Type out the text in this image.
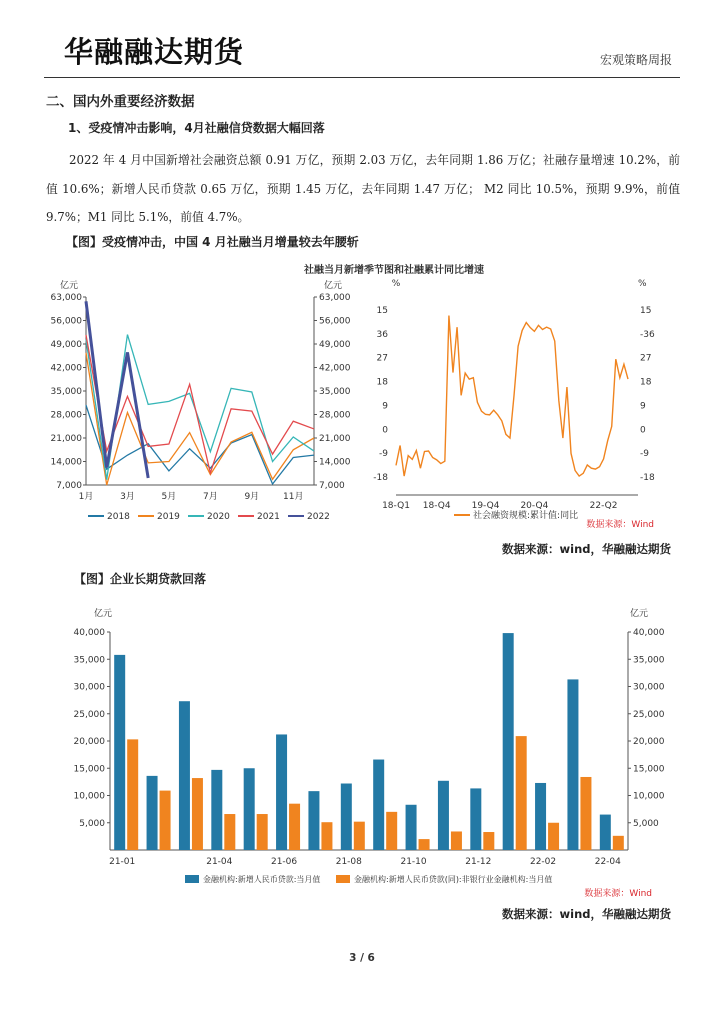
华融融达期货	宏观策略周报
二、国内外重要经济数据
1、受疫情冲击影响，4月社融信贷数据大幅回落
2022 年 4 月中国新增社会融资总额 0.91 万亿，预期 2.03 万亿，去年同期 1.86 万亿；社融存量增速 10.2%，前值 10.6%；新增人民币贷款 0.65 万亿，预期 1.45 万亿，去年同期 1.47 万亿； M2 同比 10.5%，预期 9.9%，前值 9.7%；M1 同比 5.1%，前值 4.7%。
【图】受疫情冲击，中国 4 月社融当月增量较去年腰斩
社融当月新增季节图和社融累计同比增速
亿元	亿元
63,000	63,000
56,000	56,000
49,000	49,000
42,000	42,000
35,000	35,000
28,000	28,000
21,000	21,000
14,000	14,000
7,000	7,000
1月	3月	5月	7月	9月	11月
2018	2019	2020	2021	2022
%	%
15
36
27
18
9
0
-9
-18
15
-36
27
18
9
0
-9
-18
18-Q1 18-Q4 19-Q4 20-Q4	22-Q2
社会融资规模:累计值:同比
数据来源：Wind
数据来源：wind，华融融达期货
【图】企业长期贷款回落
亿元	亿元
40,000	40,000
35,000	35,000
30,000	30,000
25,000	25,000
20,000	20,000
15,000	15,000
10,000	10,000
5,000	5,000
21-01	21-04	21-06	21-08	21-10	21-12	22-02	22-04
金融机构:新增人民币贷款:当月值	金融机构:新增人民币贷款(同):非银行业金融机构:当月值
数据来源：Wind
数据来源：wind，华融融达期货
3 / 6
